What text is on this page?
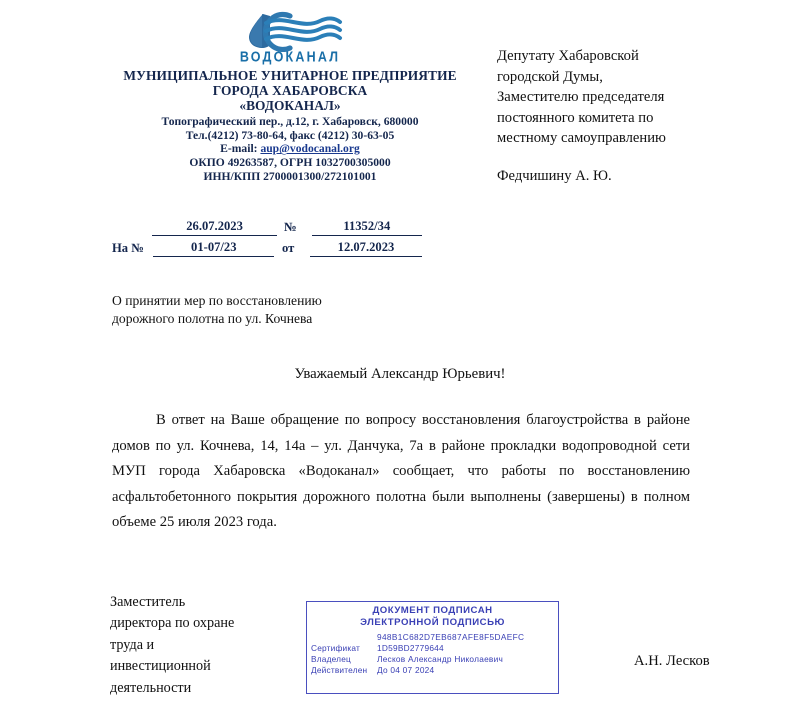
ВОДОКАНАЛ
МУНИЦИПАЛЬНОЕ УНИТАРНОЕ ПРЕДПРИЯТИЕ
ГОРОДА ХАБАРОВСКА
«ВОДОКАНАЛ»
Топографический пер., д.12, г. Хабаровск, 680000
Тел.(4212) 73-80-64, факс (4212) 30-63-05
E-mail: aup@vodocanal.org
ОКПО 49263587, ОГРН 1032700305000
ИНН/КПП 2700001300/272101001
Депутату Хабаровской
городской Думы,
Заместителю председателя
постоянного комитета по
местному самоуправлению
Федчишину А. Ю.
26.07.2023	№	11352/34
На №	01-07/23	от	12.07.2023
О принятии мер по восстановлению
дорожного полотна по ул. Кочнева
Уважаемый Александр Юрьевич!

В ответ на Ваше обращение по вопросу восстановления благоустройства в районе домов по ул. Кочнева, 14, 14а – ул. Данчука, 7а в районе прокладки водопроводной сети МУП города Хабаровска «Водоканал» сообщает, что работы по восстановлению асфальтобетонного покрытия дорожного полотна были выполнены (завершены) в полном объеме 25 июля 2023 года.

Заместитель
директора по охране
труда и
инвестиционной
деятельности
ДОКУМЕНТ ПОДПИСАН
ЭЛЕКТРОННОЙ ПОДПИСЬЮ
948B1C682D7EB687AFE8F5DAEFC
Сертификат	1D59BD2779644
Владелец	Лесков Александр Николаевич
Действителен	До 04 07 2024
А.Н. Лесков
